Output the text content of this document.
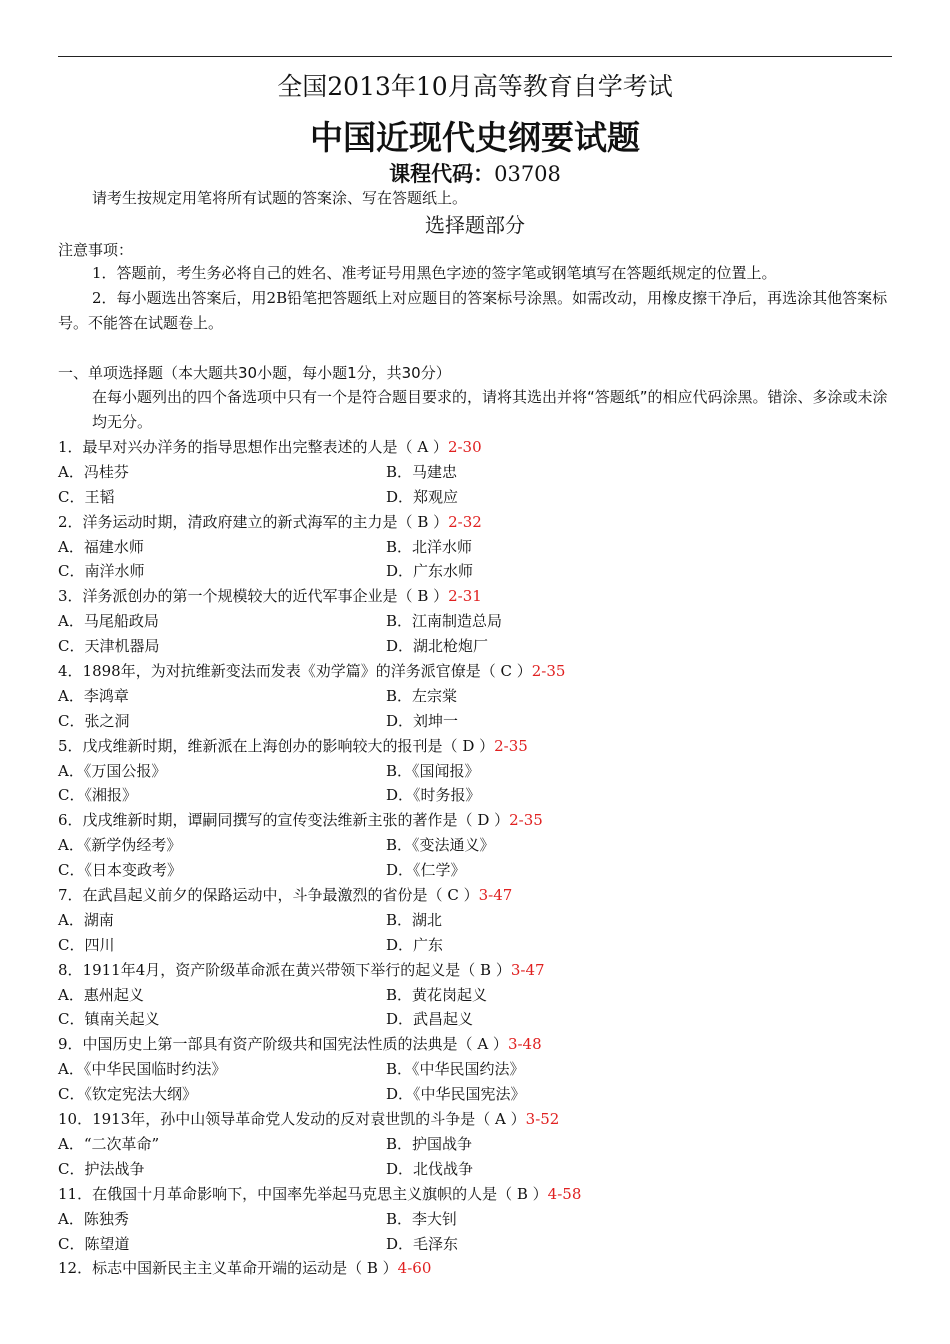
全国2013年10月高等教育自学考试
中国近现代史纲要试题
课程代码：03708
请考生按规定用笔将所有试题的答案涂、写在答题纸上。
选择题部分
注意事项：
1．答题前，考生务必将自己的姓名、准考证号用黑色字迹的签字笔或钢笔填写在答题纸规定的位置上。
2．每小题选出答案后，用2B铅笔把答题纸上对应题目的答案标号涂黑。如需改动，用橡皮擦干净后，再选涂其他答案标号。不能答在试题卷上。
一、单项选择题（本大题共30小题，每小题1分，共30分）
在每小题列出的四个备选项中只有一个是符合题目要求的，请将其选出并将“答题纸”的相应代码涂黑。错涂、多涂或未涂均无分。
1．最早对兴办洋务的指导思想作出完整表述的人是（ A ）2-30
A．冯桂芬	B．马建忠
C．王韬	D．郑观应
2．洋务运动时期，清政府建立的新式海军的主力是（ B ）2-32
A．福建水师	B．北洋水师
C．南洋水师	D．广东水师
3．洋务派创办的第一个规模较大的近代军事企业是（ B ）2-31
A．马尾船政局	B．江南制造总局
C．天津机器局	D．湖北枪炮厂
4．1898年，为对抗维新变法而发表《劝学篇》的洋务派官僚是（ C ）2-35
A．李鸿章	B．左宗棠
C．张之洞	D．刘坤一
5．戊戌维新时期，维新派在上海创办的影响较大的报刊是（ D ）2-35
A．《万国公报》	B．《国闻报》
C．《湘报》	D．《时务报》
6．戊戌维新时期，谭嗣同撰写的宣传变法维新主张的著作是（ D ）2-35
A．《新学伪经考》	B．《变法通义》
C．《日本变政考》	D．《仁学》
7．在武昌起义前夕的保路运动中，斗争最激烈的省份是（ C ）3-47
A．湖南	B．湖北
C．四川	D．广东
8．1911年4月，资产阶级革命派在黄兴带领下举行的起义是（ B ）3-47
A．惠州起义	B．黄花岗起义
C．镇南关起义	D．武昌起义
9．中国历史上第一部具有资产阶级共和国宪法性质的法典是（ A ）3-48
A．《中华民国临时约法》	B．《中华民国约法》
C．《钦定宪法大纲》	D．《中华民国宪法》
10．1913年，孙中山领导革命党人发动的反对袁世凯的斗争是（ A ）3-52
A．“二次革命”	B．护国战争
C．护法战争	D．北伐战争
11．在俄国十月革命影响下，中国率先举起马克思主义旗帜的人是（ B ）4-58
A．陈独秀	B．李大钊
C．陈望道	D．毛泽东
12．标志中国新民主主义革命开端的运动是（ B ）4-60
